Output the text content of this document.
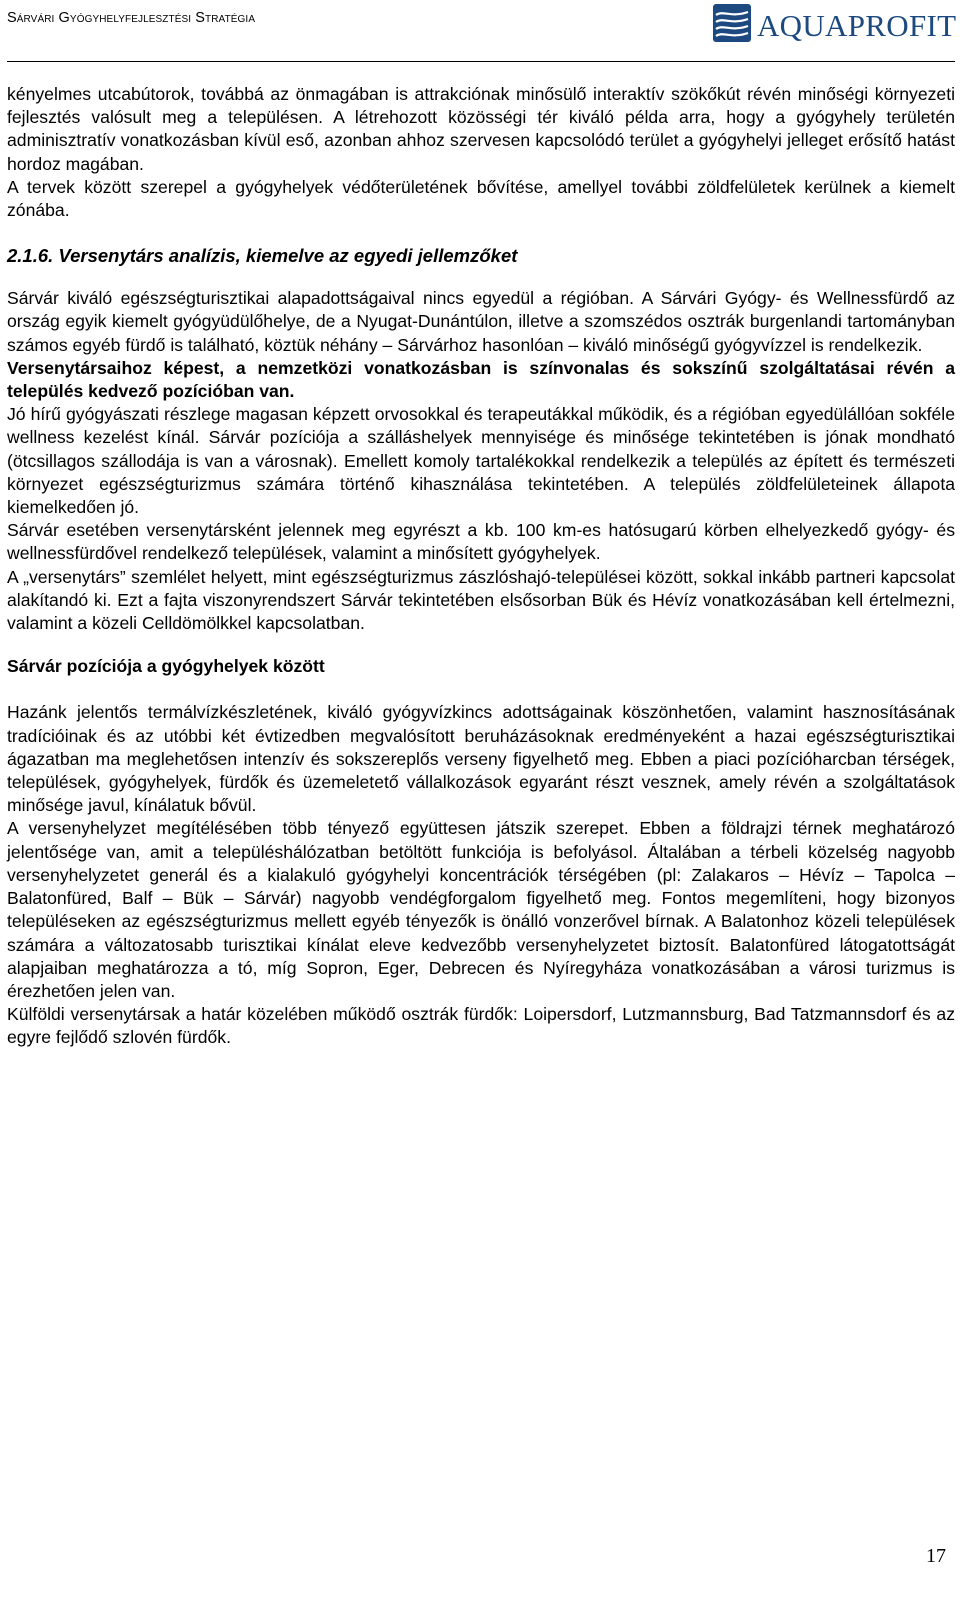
Sárvári Gyógyhelyfejlesztési Stratégia	AQUAPROFIT

kényelmes utcabútorok, továbbá az önmagában is attrakciónak minősülő interaktív szökőkút révén minőségi környezeti fejlesztés valósult meg a településen. A létrehozott közösségi tér kiváló példa arra, hogy a gyógyhely területén adminisztratív vonatkozásban kívül eső, azonban ahhoz szervesen kapcsolódó terület a gyógyhelyi jelleget erősítő hatást hordoz magában.

A tervek között szerepel a gyógyhelyek védőterületének bővítése, amellyel további zöldfelületek kerülnek a kiemelt zónába.

2.1.6. Versenytárs analízis, kiemelve az egyedi jellemzőket

Sárvár kiváló egészségturisztikai alapadottságaival nincs egyedül a régióban. A Sárvári Gyógy- és Wellnessfürdő az ország egyik kiemelt gyógyüdülőhelye, de a Nyugat-Dunántúlon, illetve a szomszédos osztrák burgenlandi tartományban számos egyéb fürdő is található, köztük néhány – Sárvárhoz hasonlóan – kiváló minőségű gyógyvízzel is rendelkezik.

Versenytársaihoz képest, a nemzetközi vonatkozásban is színvonalas és sokszínű szolgáltatásai révén a település kedvező pozícióban van.

Jó hírű gyógyászati részlege magasan képzett orvosokkal és terapeutákkal működik, és a régióban egyedülállóan sokféle wellness kezelést kínál. Sárvár pozíciója a szálláshelyek mennyisége és minősége tekintetében is jónak mondható (ötcsillagos szállodája is van a városnak). Emellett komoly tartalékokkal rendelkezik a település az épített és természeti környezet egészségturizmus számára történő kihasználása tekintetében. A település zöldfelületeinek állapota kiemelkedően jó.

Sárvár esetében versenytársként jelennek meg egyrészt a kb. 100 km-es hatósugarú körben elhelyezkedő gyógy- és wellnessfürdővel rendelkező települések, valamint a minősített gyógyhelyek.

A „versenytárs” szemlélet helyett, mint egészségturizmus zászlóshajó-települései között, sokkal inkább partneri kapcsolat alakítandó ki. Ezt a fajta viszonyrendszert Sárvár tekintetében elsősorban Bük és Hévíz vonatkozásában kell értelmezni, valamint a közeli Celldömölkkel kapcsolatban.

Sárvár pozíciója a gyógyhelyek között

Hazánk jelentős termálvízkészletének, kiváló gyógyvízkincs adottságainak köszönhetően, valamint hasznosításának tradícióinak és az utóbbi két évtizedben megvalósított beruházásoknak eredményeként a hazai egészségturisztikai ágazatban ma meglehetősen intenzív és sokszereplős verseny figyelhető meg. Ebben a piaci pozícióharcban térségek, települések, gyógyhelyek, fürdők és üzemeletető vállalkozások egyaránt részt vesznek, amely révén a szolgáltatások minősége javul, kínálatuk bővül.

A versenyhelyzet megítélésében több tényező együttesen játszik szerepet. Ebben a földrajzi térnek meghatározó jelentősége van, amit a településhálózatban betöltött funkciója is befolyásol. Általában a térbeli közelség nagyobb versenyhelyzetet generál és a kialakuló gyógyhelyi koncentrációk térségében (pl: Zalakaros – Hévíz – Tapolca – Balatonfüred, Balf – Bük – Sárvár) nagyobb vendégforgalom figyelhető meg. Fontos megemlíteni, hogy bizonyos településeken az egészségturizmus mellett egyéb tényezők is önálló vonzerővel bírnak. A Balatonhoz közeli települések számára a változatosabb turisztikai kínálat eleve kedvezőbb versenyhelyzetet biztosít. Balatonfüred látogatottságát alapjaiban meghatározza a tó, míg Sopron, Eger, Debrecen és Nyíregyháza vonatkozásában a városi turizmus is érezhetően jelen van.

Külföldi versenytársak a határ közelében működő osztrák fürdők: Loipersdorf, Lutzmannsburg, Bad Tatzmannsdorf és az egyre fejlődő szlovén fürdők.

17
